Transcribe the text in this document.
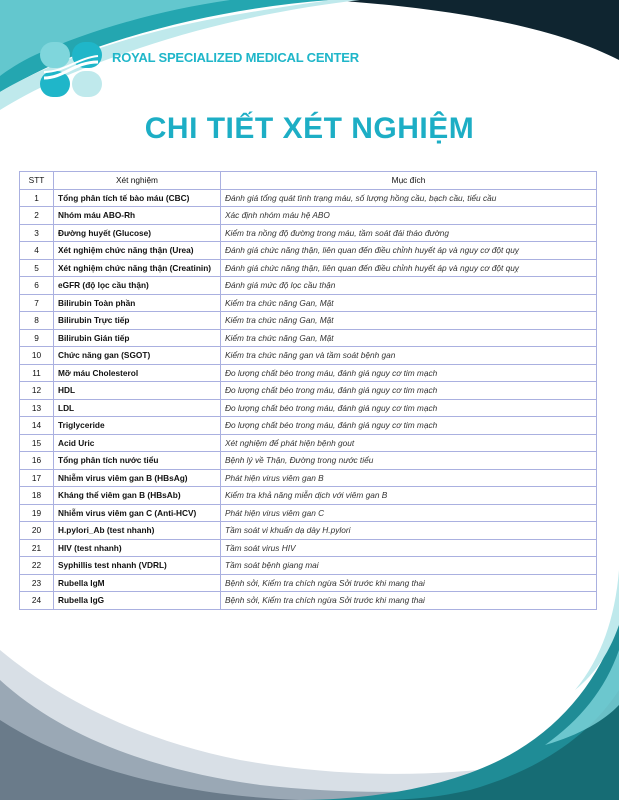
ROYAL SPECIALIZED MEDICAL CENTER
CHI TIẾT XÉT NGHIỆM
STT	Xét nghiệm	Mục đích
1	Tổng phân tích tế bào máu (CBC)	Đánh giá tổng quát tình trạng máu, số lượng hồng cầu, bạch cầu, tiểu cầu
2	Nhóm máu ABO-Rh	Xác định nhóm máu hệ ABO
3	Đường huyết (Glucose)	Kiểm tra nồng độ đường trong máu, tầm soát đái tháo đường
4	Xét nghiệm chức năng thận (Urea)	Đánh giá chức năng thận, liên quan đến điều chỉnh huyết áp và nguy cơ đột quỵ
5	Xét nghiệm chức năng thận (Creatinin)	Đánh giá chức năng thận, liên quan đến điều chỉnh huyết áp và nguy cơ đột quỵ
6	eGFR (độ lọc cầu thận)	Đánh giá mức độ lọc cầu thận
7	Bilirubin Toàn phần	Kiểm tra chức năng Gan, Mật
8	Bilirubin Trực tiếp	Kiểm tra chức năng Gan, Mật
9	Bilirubin Gián tiếp	Kiểm tra chức năng Gan, Mật
10	Chức năng gan (SGOT)	Kiểm tra chức năng gan và tầm soát bệnh gan
11	Mỡ máu Cholesterol	Đo lượng chất béo trong máu, đánh giá nguy cơ tim mạch
12	HDL	Đo lượng chất béo trong máu, đánh giá nguy cơ tim mạch
13	LDL	Đo lượng chất béo trong máu, đánh giá nguy cơ tim mạch
14	Triglyceride	Đo lượng chất béo trong máu, đánh giá nguy cơ tim mạch
15	Acid Uric	Xét nghiệm để phát hiện bệnh gout
16	Tổng phân tích nước tiểu	Bệnh lý về Thận, Đường trong nước tiểu
17	Nhiễm virus viêm gan B (HBsAg)	Phát hiện virus viêm gan B
18	Kháng thể viêm gan B (HBsAb)	Kiểm tra khả năng miễn dịch với viêm gan B
19	Nhiễm virus viêm gan C (Anti-HCV)	Phát hiện virus viêm gan C
20	H.pylori_Ab (test nhanh)	Tầm soát vi khuẩn dạ dày H.pylori
21	HIV (test nhanh)	Tầm soát virus HIV
22	Syphillis test nhanh (VDRL)	Tầm soát bệnh giang mai
23	Rubella IgM	Bệnh sởi, Kiểm tra chích ngừa Sởi trước khi mang thai
24	Rubella IgG	Bệnh sởi, Kiểm tra chích ngừa Sởi trước khi mang thai
